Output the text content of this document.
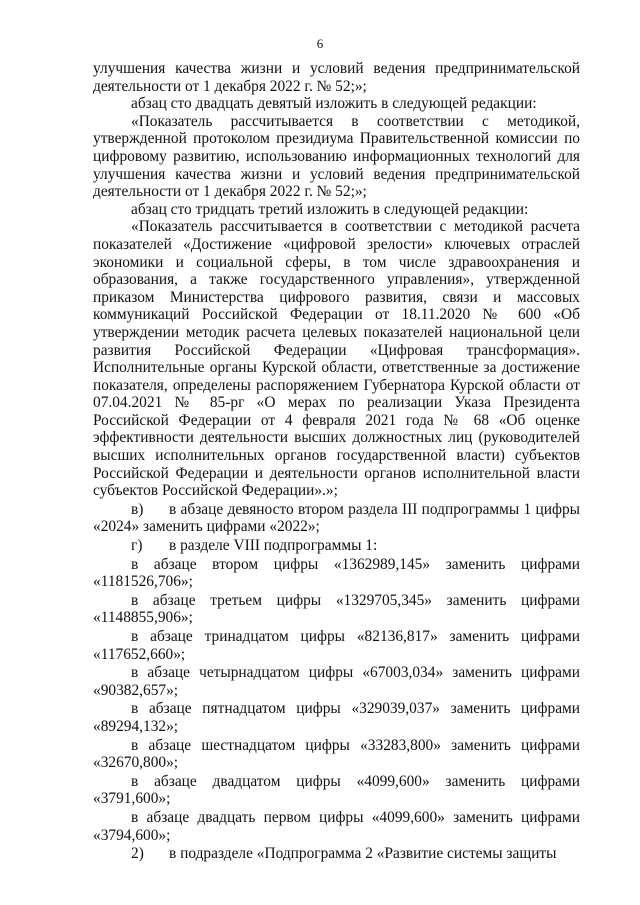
6

улучшения качества жизни и условий ведения предпринимательской деятельности от 1 декабря 2022 г. № 52;»;

абзац сто двадцать девятый изложить в следующей редакции:

«Показатель рассчитывается в соответствии с методикой, утвержденной протоколом президиума Правительственной комиссии по цифровому развитию, использованию информационных технологий для улучшения качества жизни и условий ведения предпринимательской деятельности от 1 декабря 2022 г. № 52;»;

абзац сто тридцать третий изложить в следующей редакции:

«Показатель рассчитывается в соответствии с методикой расчета показателей «Достижение «цифровой зрелости» ключевых отраслей экономики и социальной сферы, в том числе здравоохранения и образования, а также государственного управления», утвержденной приказом Министерства цифрового развития, связи и массовых коммуникаций Российской Федерации от 18.11.2020 № 600 «Об утверждении методик расчета целевых показателей национальной цели развития Российской Федерации «Цифровая трансформация». Исполнительные органы Курской области, ответственные за достижение показателя, определены распоряжением Губернатора Курской области от 07.04.2021 № 85-рг «О мерах по реализации Указа Президента Российской Федерации от 4 февраля 2021 года № 68 «Об оценке эффективности деятельности высших должностных лиц (руководителей высших исполнительных органов государственной власти) субъектов Российской Федерации и деятельности органов исполнительной власти субъектов Российской Федерации».»;

в) в абзаце девяносто втором раздела III подпрограммы 1 цифры «2024» заменить цифрами «2022»;

г) в разделе VIII подпрограммы 1:

в абзаце втором цифры «1362989,145» заменить цифрами «1181526,706»;

в абзаце третьем цифры «1329705,345» заменить цифрами «1148855,906»;

в абзаце тринадцатом цифры «82136,817» заменить цифрами «117652,660»;

в абзаце четырнадцатом цифры «67003,034» заменить цифрами «90382,657»;

в абзаце пятнадцатом цифры «329039,037» заменить цифрами «89294,132»;

в абзаце шестнадцатом цифры «33283,800» заменить цифрами «32670,800»;

в абзаце двадцатом цифры «4099,600» заменить цифрами «3791,600»;

в абзаце двадцать первом цифры «4099,600» заменить цифрами «3794,600»;

2) в подразделе «Подпрограмма 2 «Развитие системы защиты
